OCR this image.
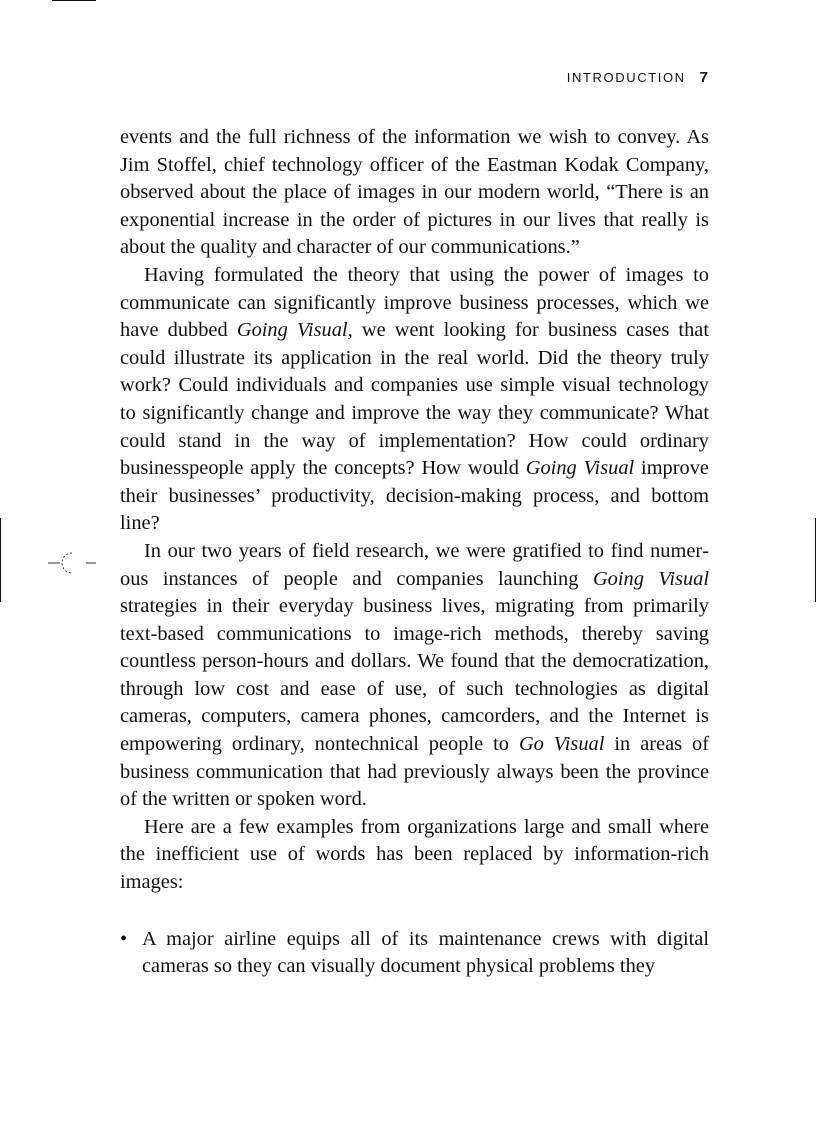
INTRODUCTION 7

events and the full richness of the information we wish to convey. As Jim Stoffel, chief technology officer of the Eastman Kodak Company, observed about the place of images in our modern world, “There is an exponential increase in the order of pictures in our lives that really is about the quality and character of our communications.”

Having formulated the theory that using the power of images to communicate can significantly improve business processes, which we have dubbed Going Visual, we went looking for business cases that could illustrate its application in the real world. Did the theory truly work? Could individuals and companies use simple visual technology to significantly change and improve the way they communicate? What could stand in the way of implementation? How could ordinary businesspeople apply the concepts? How would Going Visual improve their businesses’ productivity, decision-making process, and bottom line?

In our two years of field research, we were gratified to find numerous instances of people and companies launching Going Visual strategies in their everyday business lives, migrating from primarily text-based communications to image-rich methods, thereby saving countless person-hours and dollars. We found that the democratization, through low cost and ease of use, of such technologies as digital cameras, computers, camera phones, camcorders, and the Internet is empowering ordinary, nontechnical people to Go Visual in areas of business communication that had previously always been the province of the written or spoken word.

Here are a few examples from organizations large and small where the inefficient use of words has been replaced by information-rich images:

• A major airline equips all of its maintenance crews with digital cameras so they can visually document physical problems they
